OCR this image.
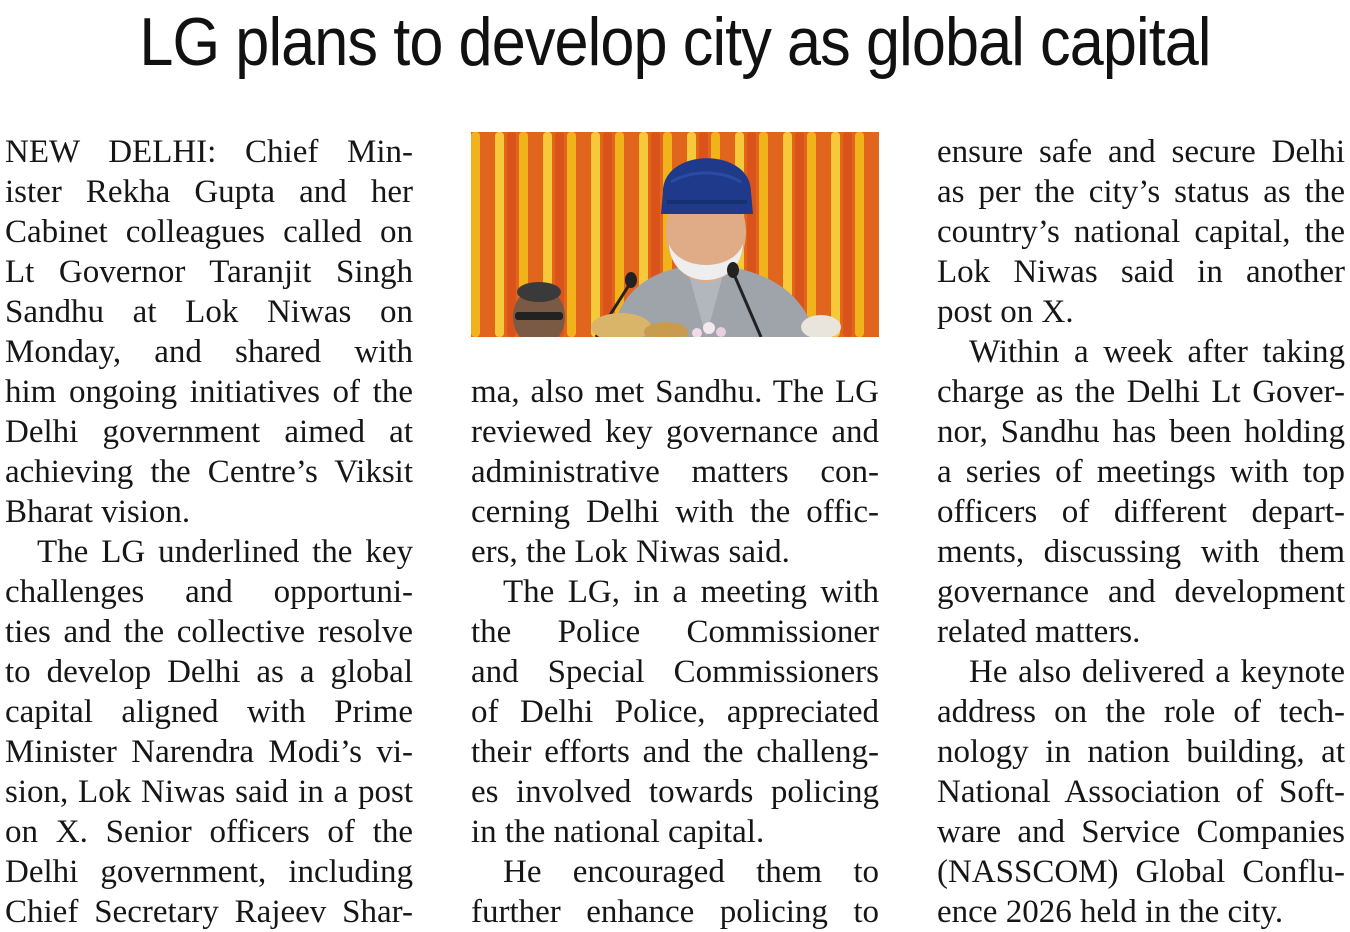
LG plans to develop city as global capital
NEW DELHI: Chief Min-
ister Rekha Gupta and her
Cabinet colleagues called on
Lt Governor Taranjit Singh
Sandhu at Lok Niwas on
Monday, and shared with
him ongoing initiatives of the
Delhi government aimed at
achieving the Centre’s Viksit
Bharat vision.
The LG underlined the key
challenges and opportuni-
ties and the collective resolve
to develop Delhi as a global
capital aligned with Prime
Minister Narendra Modi’s vi-
sion, Lok Niwas said in a post
on X. Senior officers of the
Delhi government, including
Chief Secretary Rajeev Shar-
ma, also met Sandhu. The LG
reviewed key governance and
administrative matters con-
cerning Delhi with the offic-
ers, the Lok Niwas said.
The LG, in a meeting with
the Police Commissioner
and Special Commissioners
of Delhi Police, appreciated
their efforts and the challeng-
es involved towards policing
in the national capital.
He encouraged them to
further enhance policing to
ensure safe and secure Delhi
as per the city’s status as the
country’s national capital, the
Lok Niwas said in another
post on X.
Within a week after taking
charge as the Delhi Lt Gover-
nor, Sandhu has been holding
a series of meetings with top
officers of different depart-
ments, discussing with them
governance and development
related matters.
He also delivered a keynote
address on the role of tech-
nology in nation building, at
National Association of Soft-
ware and Service Companies
(NASSCOM) Global Conflu-
ence 2026 held in the city.
